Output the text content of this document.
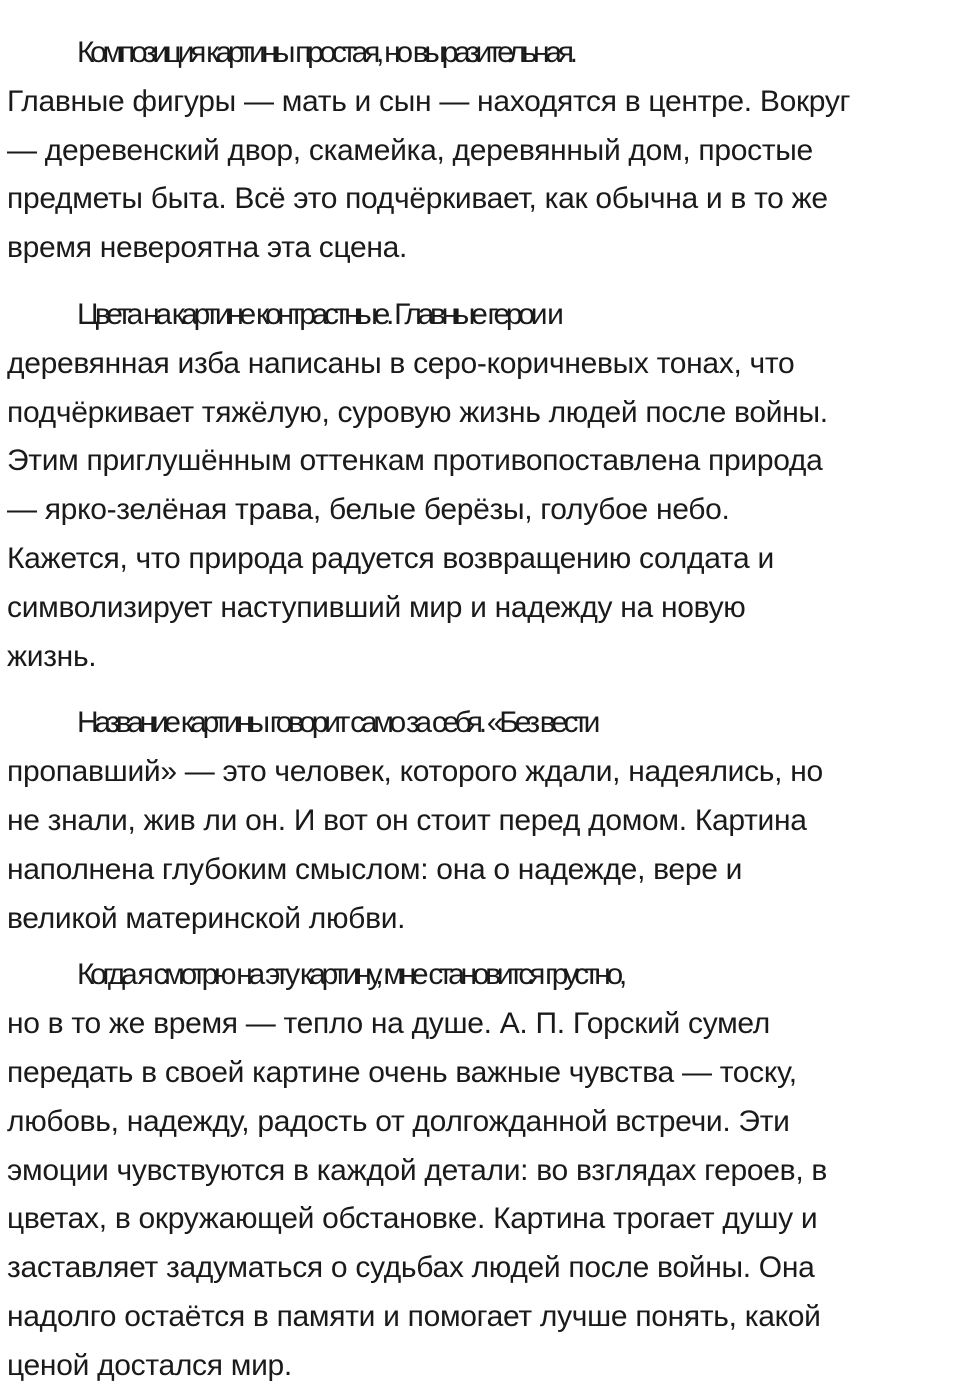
Композиция картины простая, но выразительная.
Главные фигуры — мать и сын — находятся в центре. Вокруг
— деревенский двор, скамейка, деревянный дом, простые
предметы быта. Всё это подчёркивает, как обычна и в то же
время невероятна эта сцена.

Цвета на картине контрастные. Главные герои и
деревянная изба написаны в серо-коричневых тонах, что
подчёркивает тяжёлую, суровую жизнь людей после войны.
Этим приглушённым оттенкам противопоставлена природа
— ярко-зелёная трава, белые берёзы, голубое небо.
Кажется, что природа радуется возвращению солдата и
символизирует наступивший мир и надежду на новую
жизнь.

Название картины говорит само за себя. «Без вести
пропавший» — это человек, которого ждали, надеялись, но
не знали, жив ли он. И вот он стоит перед домом. Картина
наполнена глубоким смыслом: она о надежде, вере и
великой материнской любви.

Когда я смотрю на эту картину, мне становится грустно,
но в то же время — тепло на душе. А. П. Горский сумел
передать в своей картине очень важные чувства — тоску,
любовь, надежду, радость от долгожданной встречи. Эти
эмоции чувствуются в каждой детали: во взглядах героев, в
цветах, в окружающей обстановке. Картина трогает душу и
заставляет задуматься о судьбах людей после войны. Она
надолго остаётся в памяти и помогает лучше понять, какой
ценой достался мир.
